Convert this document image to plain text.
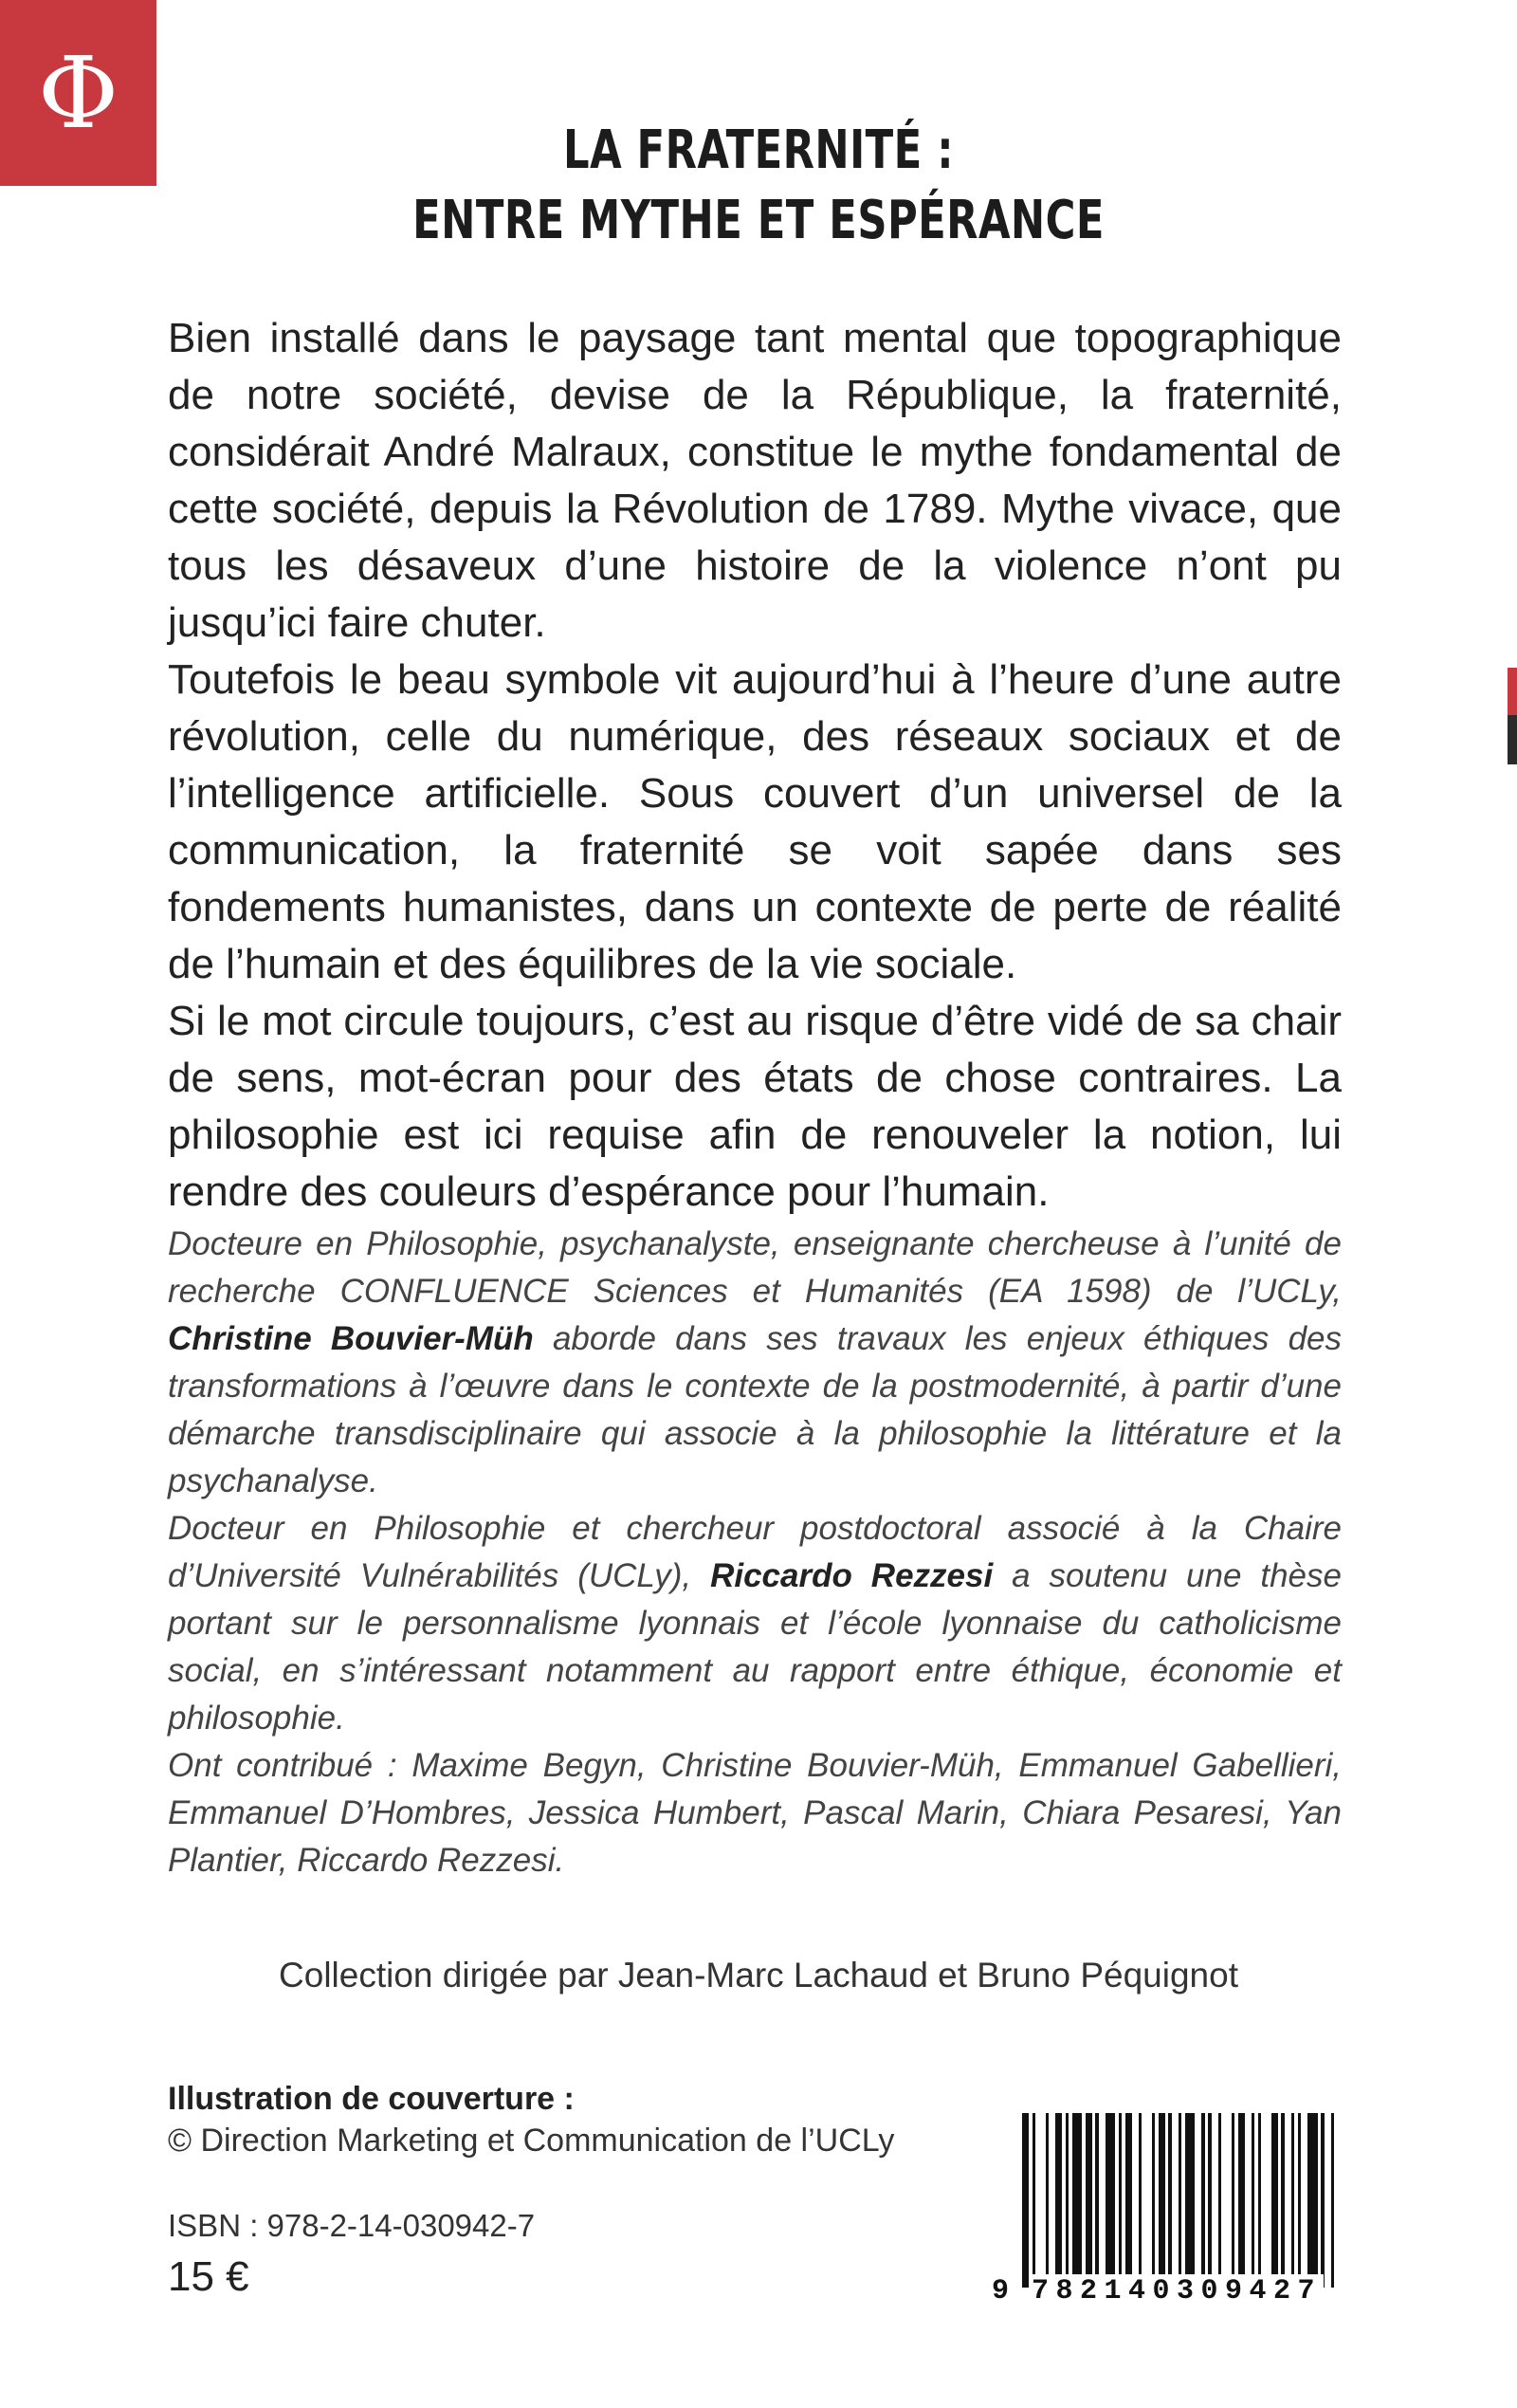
Φ	LA FRATERNITÉ :
ENTRE MYTHE ET ESPÉRANCE

Bien installé dans le paysage tant mental que topographique de notre société, devise de la République, la fraternité, considérait André Malraux, constitue le mythe fondamental de cette société, depuis la Révolution de 1789. Mythe vivace, que tous les désaveux d’une histoire de la violence n’ont pu jusqu’ici faire chuter.

Toutefois le beau symbole vit aujourd’hui à l’heure d’une autre révolution, celle du numérique, des réseaux sociaux et de l’intelligence artificielle. Sous couvert d’un universel de la communication, la fraternité se voit sapée dans ses fondements humanistes, dans un contexte de perte de réalité de l’humain et des équilibres de la vie sociale.

Si le mot circule toujours, c’est au risque d’être vidé de sa chair de sens, mot-écran pour des états de chose contraires. La philosophie est ici requise afin de renouveler la notion, lui rendre des couleurs d’espérance pour l’humain.

Docteure en Philosophie, psychanalyste, enseignante chercheuse à l’unité de recherche CONFLUENCE Sciences et Humanités (EA 1598) de l’UCLy, Christine Bouvier-Müh aborde dans ses travaux les enjeux éthiques des transformations à l’œuvre dans le contexte de la postmodernité, à partir d’une démarche transdisciplinaire qui associe à la philosophie la littérature et la psychanalyse.
Docteur en Philosophie et chercheur postdoctoral associé à la Chaire d’Université Vulnérabilités (UCLy), Riccardo Rezzesi a soutenu une thèse portant sur le personnalisme lyonnais et l’école lyonnaise du catholicisme social, en s’intéressant notamment au rapport entre éthique, économie et philosophie.
Ont contribué : Maxime Begyn, Christine Bouvier-Müh, Emmanuel Gabellieri, Emmanuel D’Hombres, Jessica Humbert, Pascal Marin, Chiara Pesaresi, Yan Plantier, Riccardo Rezzesi.
Collection dirigée par Jean-Marc Lachaud et Bruno Péquignot
Illustration de couverture :
© Direction Marketing et Communication de l’UCLy
ISBN : 978-2-14-030942-7
15 €	9 782140309427
